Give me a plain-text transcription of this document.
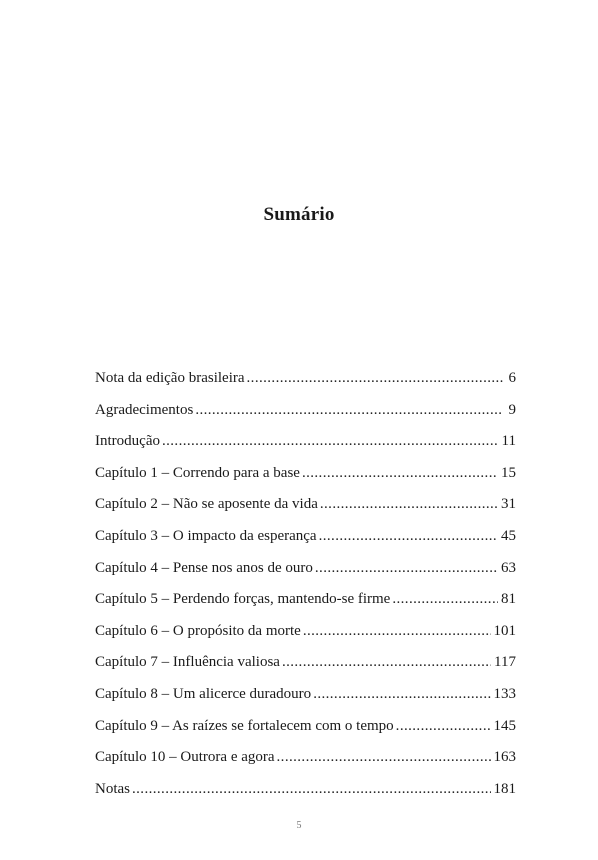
Sumário
Nota da edição brasileira .....	6
Agradecimentos .....	9
Introdução .....	11
Capítulo 1 – Correndo para a base .....	15
Capítulo 2 – Não se aposente da vida .....	31
Capítulo 3 – O impacto da esperança .....	45
Capítulo 4 – Pense nos anos de ouro .....	63
Capítulo 5 – Perdendo forças, mantendo-se firme .....	81
Capítulo 6 – O propósito da morte .....	101
Capítulo 7 – Influência valiosa .....	117
Capítulo 8 – Um alicerce duradouro .....	133
Capítulo 9 – As raízes se fortalecem com o tempo .....	145
Capítulo 10 – Outrora e agora .....	163
Notas .....	181
5
